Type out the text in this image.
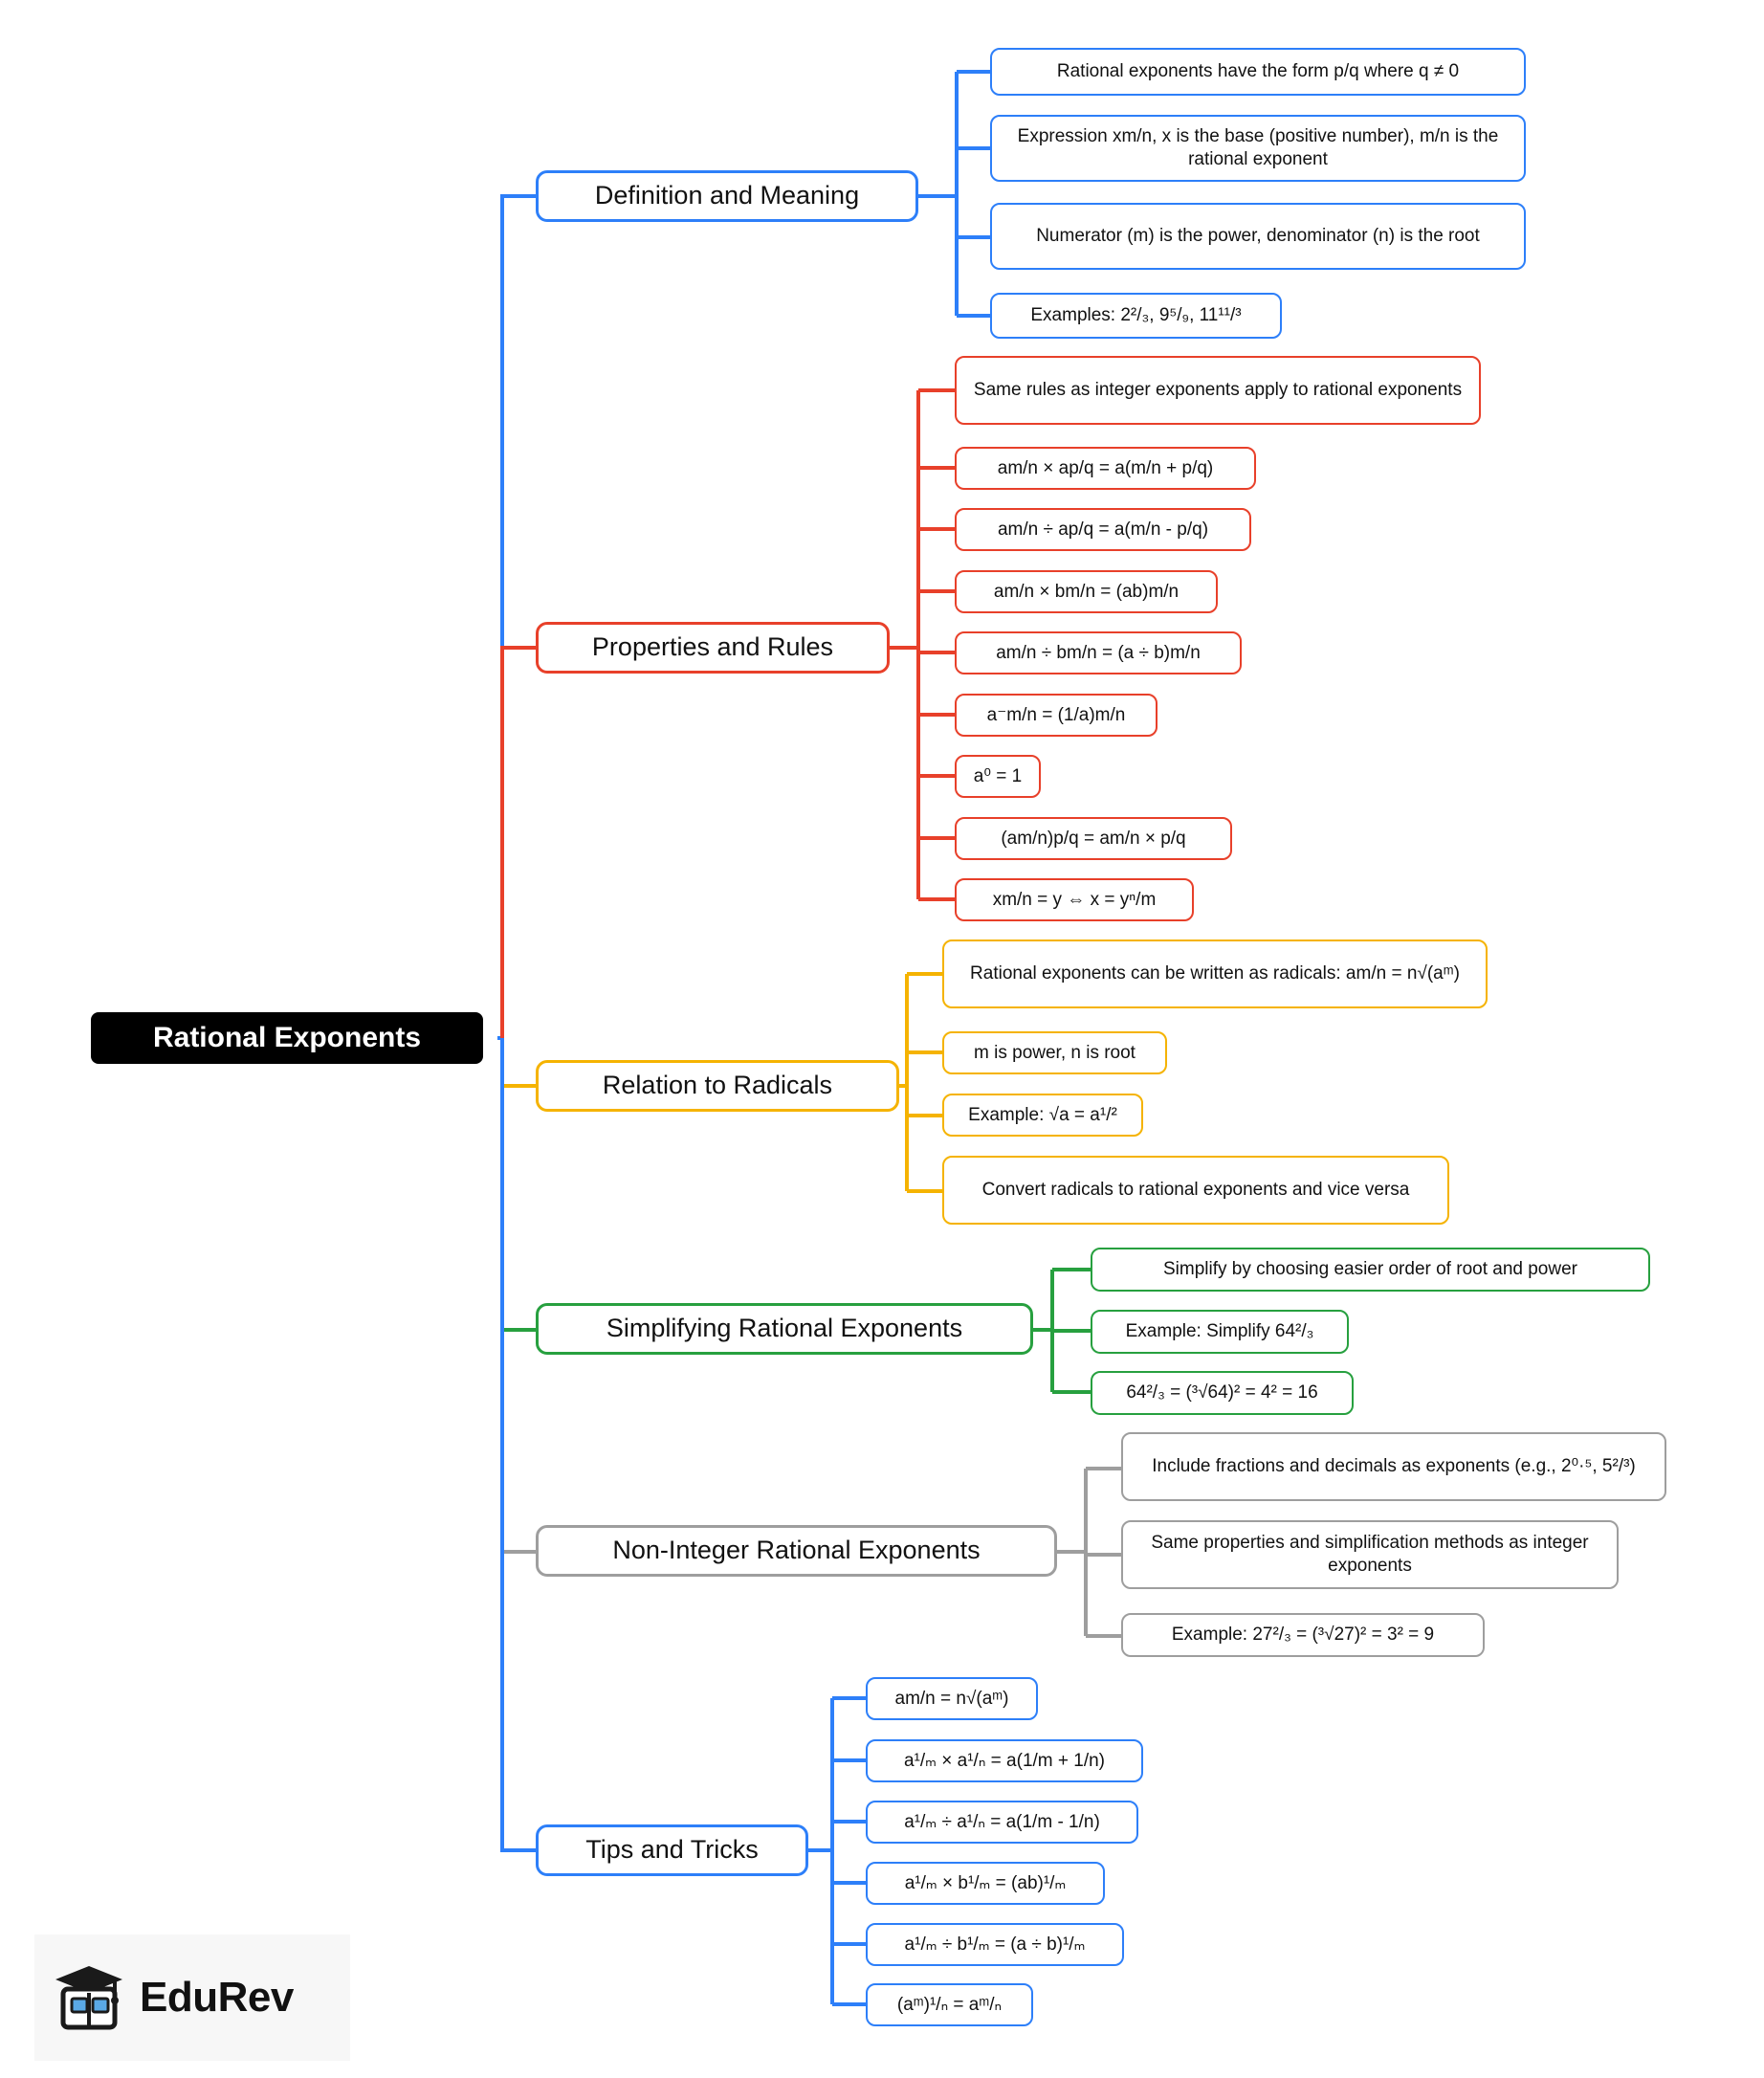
Rational Exponents
Definition and Meaning
Rational exponents have the form p/q where q ≠ 0
Expression xm/n, x is the base (positive number), m/n is the rational exponent
Numerator (m) is the power, denominator (n) is the root
Examples: 2²/₃, 9⁵/₉, 11¹¹/³
Properties and Rules
Same rules as integer exponents apply to rational exponents
am/n × ap/q = a(m/n + p/q)
am/n ÷ ap/q = a(m/n - p/q)
am/n × bm/n = (ab)m/n
am/n ÷ bm/n = (a ÷ b)m/n
a⁻m/n = (1/a)m/n
a⁰ = 1
(am/n)p/q = am/n × p/q
xm/n = y ⇔ x = yⁿ/m
Relation to Radicals
Rational exponents can be written as radicals: am/n = n√(aᵐ)
m is power, n is root
Example: √a = a¹/²
Convert radicals to rational exponents and vice versa
Simplifying Rational Exponents
Simplify by choosing easier order of root and power
Example: Simplify 64²/₃
64²/₃ = (³√64)² = 4² = 16
Non-Integer Rational Exponents
Include fractions and decimals as exponents (e.g., 2⁰·⁵, 5²/³)
Same properties and simplification methods as integer exponents
Example: 27²/₃ = (³√27)² = 3² = 9
Tips and Tricks
am/n = n√(aᵐ)
a¹/ₘ × a¹/ₙ = a(1/m + 1/n)
a¹/ₘ ÷ a¹/ₙ = a(1/m - 1/n)
a¹/ₘ × b¹/ₘ = (ab)¹/ₘ
a¹/ₘ ÷ b¹/ₘ = (a ÷ b)¹/ₘ
(aᵐ)¹/ₙ = aᵐ/ₙ
EduRev
